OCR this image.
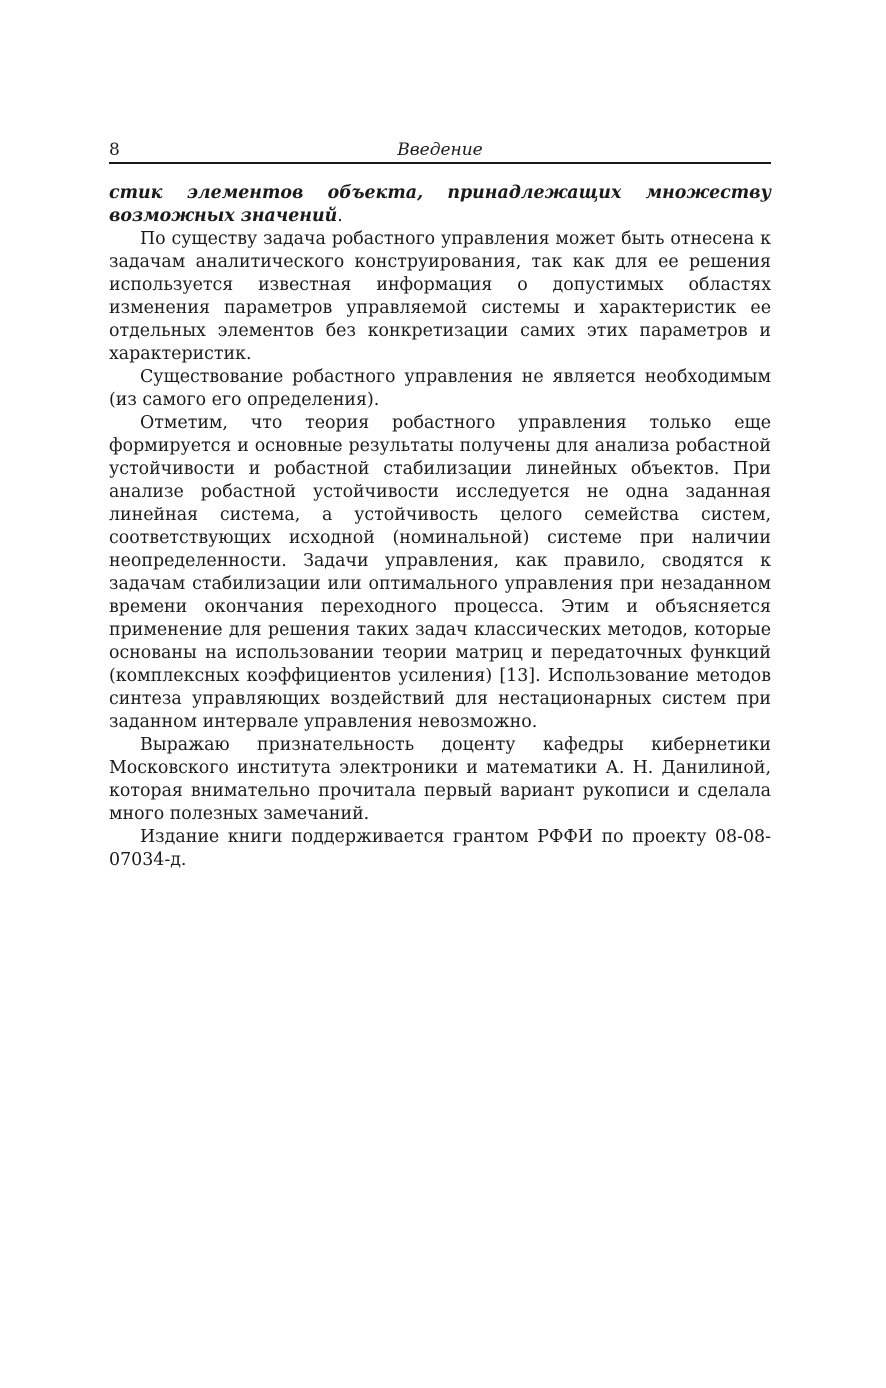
8	Введение

стик элементов объекта, принадлежащих множеству возможных значений.

По существу задача робастного управления может быть отнесена к задачам аналитического конструирования, так как для ее решения используется известная информация о допустимых областях изменения параметров управляемой системы и характеристик ее отдельных элементов без конкретизации самих этих параметров и характеристик.

Существование робастного управления не является необходимым (из самого его определения).

Отметим, что теория робастного управления только еще формируется и основные результаты получены для анализа робастной устойчивости и робастной стабилизации линейных объектов. При анализе робастной устойчивости исследуется не одна заданная линейная система, а устойчивость целого семейства систем, соответствующих исходной (номинальной) системе при наличии неопределенности. Задачи управления, как правило, сводятся к задачам стабилизации или оптимального управления при незаданном времени окончания переходного процесса. Этим и объясняется применение для решения таких задач классических методов, которые основаны на использовании теории матриц и передаточных функций (комплексных коэффициентов усиления) [13]. Использование методов синтеза управляющих воздействий для нестационарных систем при заданном интервале управления невозможно.

Выражаю признательность доценту кафедры кибернетики Московского института электроники и математики А. Н. Данилиной, которая внимательно прочитала первый вариант рукописи и сделала много полезных замечаний.

Издание книги поддерживается грантом РФФИ по проекту 08-08-07034-д.
